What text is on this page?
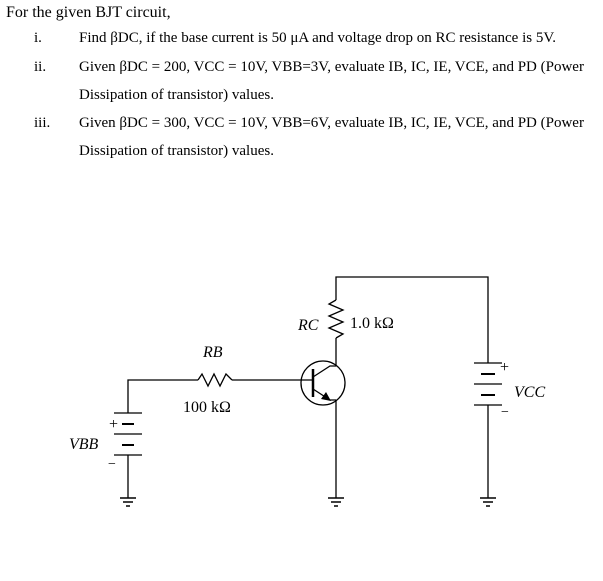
For the given BJT circuit,
i. Find βDC, if the base current is 50 μA and voltage drop on RC resistance is 5V.
ii. Given βDC = 200, VCC = 10V, VBB=3V, evaluate IB, IC, IE, VCE, and PD (Power
Dissipation of transistor) values.
iii. Given βDC = 300, VCC = 10V, VBB=6V, evaluate IB, IC, IE, VCE, and PD (Power
Dissipation of transistor) values.
RC 1.0 kΩ
RB
100 kΩ
VBB
+
−
VCC
+
−
